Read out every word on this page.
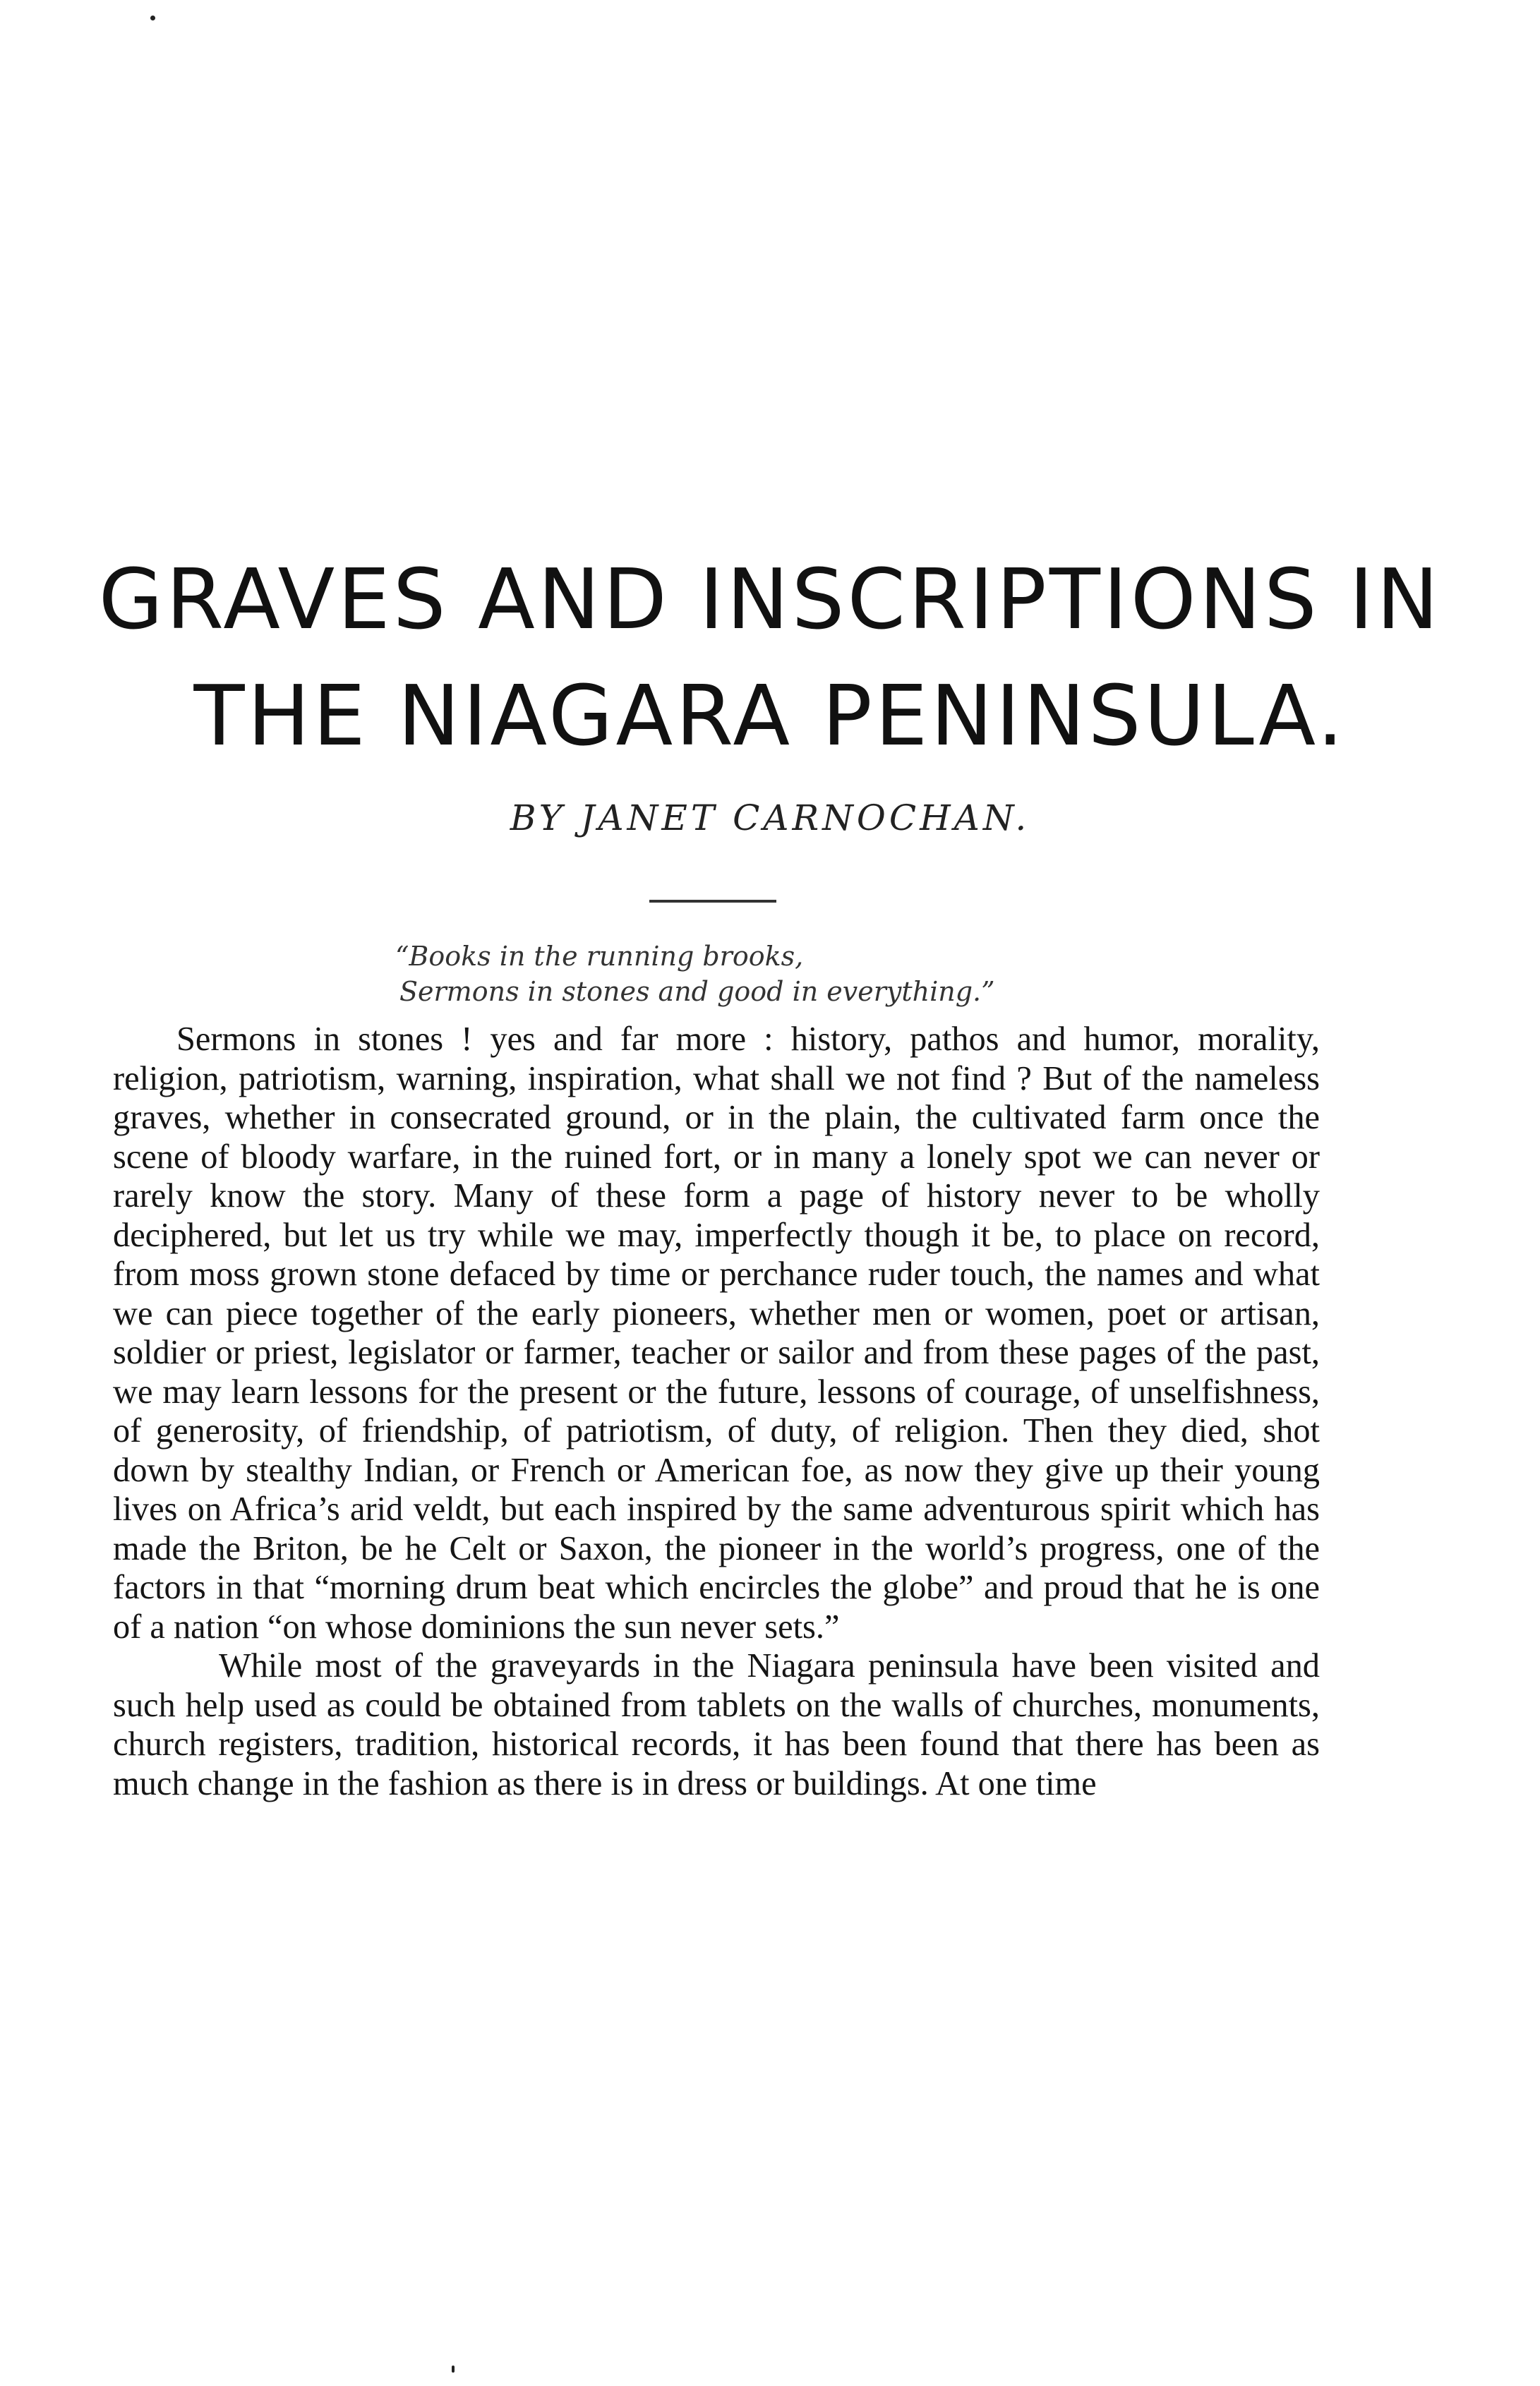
GRAVES AND INSCRIPTIONS IN
THE NIAGARA PENINSULA.
BY JANET CARNOCHAN.
“Books in the running brooks,
Sermons in stones and good in everything.”

Sermons in stones ! yes and far more : history, pathos and humor, morality, religion, patriotism, warning, inspiration, what shall we not find ? But of the nameless graves, whether in consecrated ground, or in the plain, the cultivated farm once the scene of bloody warfare, in the ruined fort, or in many a lonely spot we can never or rarely know the story. Many of these form a page of history never to be wholly deciphered, but let us try while we may, imperfectly though it be, to place on record, from moss grown stone defaced by time or perchance ruder touch, the names and what we can piece together of the early pioneers, whether men or women, poet or artisan, soldier or priest, legislator or farmer, teacher or sailor and from these pages of the past, we may learn lessons for the present or the future, lessons of courage, of unselfishness, of generosity, of friendship, of patriotism, of duty, of religion. Then they died, shot down by stealthy Indian, or French or American foe, as now they give up their young lives on Africa’s arid veldt, but each inspired by the same adventurous spirit which has made the Briton, be he Celt or Saxon, the pioneer in the world’s progress, one of the factors in that “morning drum beat which encircles the globe” and proud that he is one of a nation “on whose dominions the sun never sets.”

While most of the graveyards in the Niagara peninsula have been visited and such help used as could be obtained from tablets on the walls of churches, monuments, church registers, tradition, historical records, it has been found that there has been as much change in the fashion as there is in dress or buildings. At one time
